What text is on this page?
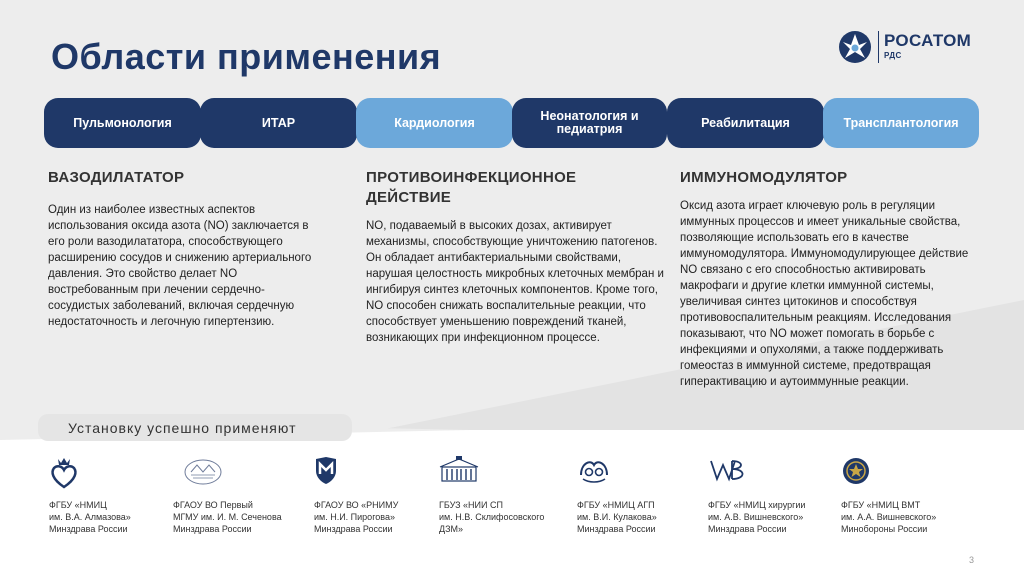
Области применения	РОСАТОМ
РДС
Пульмонология	ИТАР	Кардиология	Неонатология и педиатрия	Реабилитация	Трансплантология
ВАЗОДИЛАТАТОР

Один из наиболее известных аспектов использования оксида азота (NO) заключается в его роли вазодилататора, способствующего расширению сосудов и снижению артериального давления. Это свойство делает NO востребованным при лечении сердечно-сосудистых заболеваний, включая сердечную недостаточность и легочную гипертензию.

ПРОТИВОИНФЕКЦИОННОЕ ДЕЙСТВИЕ

NO, подаваемый в высоких дозах, активирует механизмы, способствующие уничтожению патогенов. Он обладает антибактериальными свойствами, нарушая целостность микробных клеточных мембран и ингибируя синтез клеточных компонентов. Кроме того, NO способен снижать воспалительные реакции, что способствует уменьшению повреждений тканей, возникающих при инфекционном процессе.

ИММУНОМОДУЛЯТОР

Оксид азота играет ключевую роль в регуляции иммунных процессов и имеет уникальные свойства, позволяющие использовать его в качестве иммуномодулятора. Иммуномодулирующее действие NO связано с его способностью активировать макрофаги и другие клетки иммунной системы, увеличивая синтез цитокинов и способствуя противовоспалительным реакциям. Исследования показывают, что NO может помогать в борьбе с инфекциями и опухолями, а также поддерживать гомеостаз в иммунной системе, предотвращая гиперактивацию и аутоиммунные реакции.

Установку успешно применяют
ФГБУ «НМИЦ
им. В.А. Алмазова»
Минздрава России
ФГАОУ ВО Первый
МГМУ им. И. М. Сеченова
Минздрава России
ФГАОУ ВО «РНИМУ
им. Н.И. Пирогова»
Минздрава России
ГБУЗ «НИИ СП
им. Н.В. Склифосовского
ДЗМ»
ФГБУ «НМИЦ АГП
им. В.И. Кулакова»
Минздрава России
ФГБУ «НМИЦ хирургии
им. А.В. Вишневского»
Минздрава России
ФГБУ «НМИЦ ВМТ
им. А.А. Вишневского»
Минобороны России
3
